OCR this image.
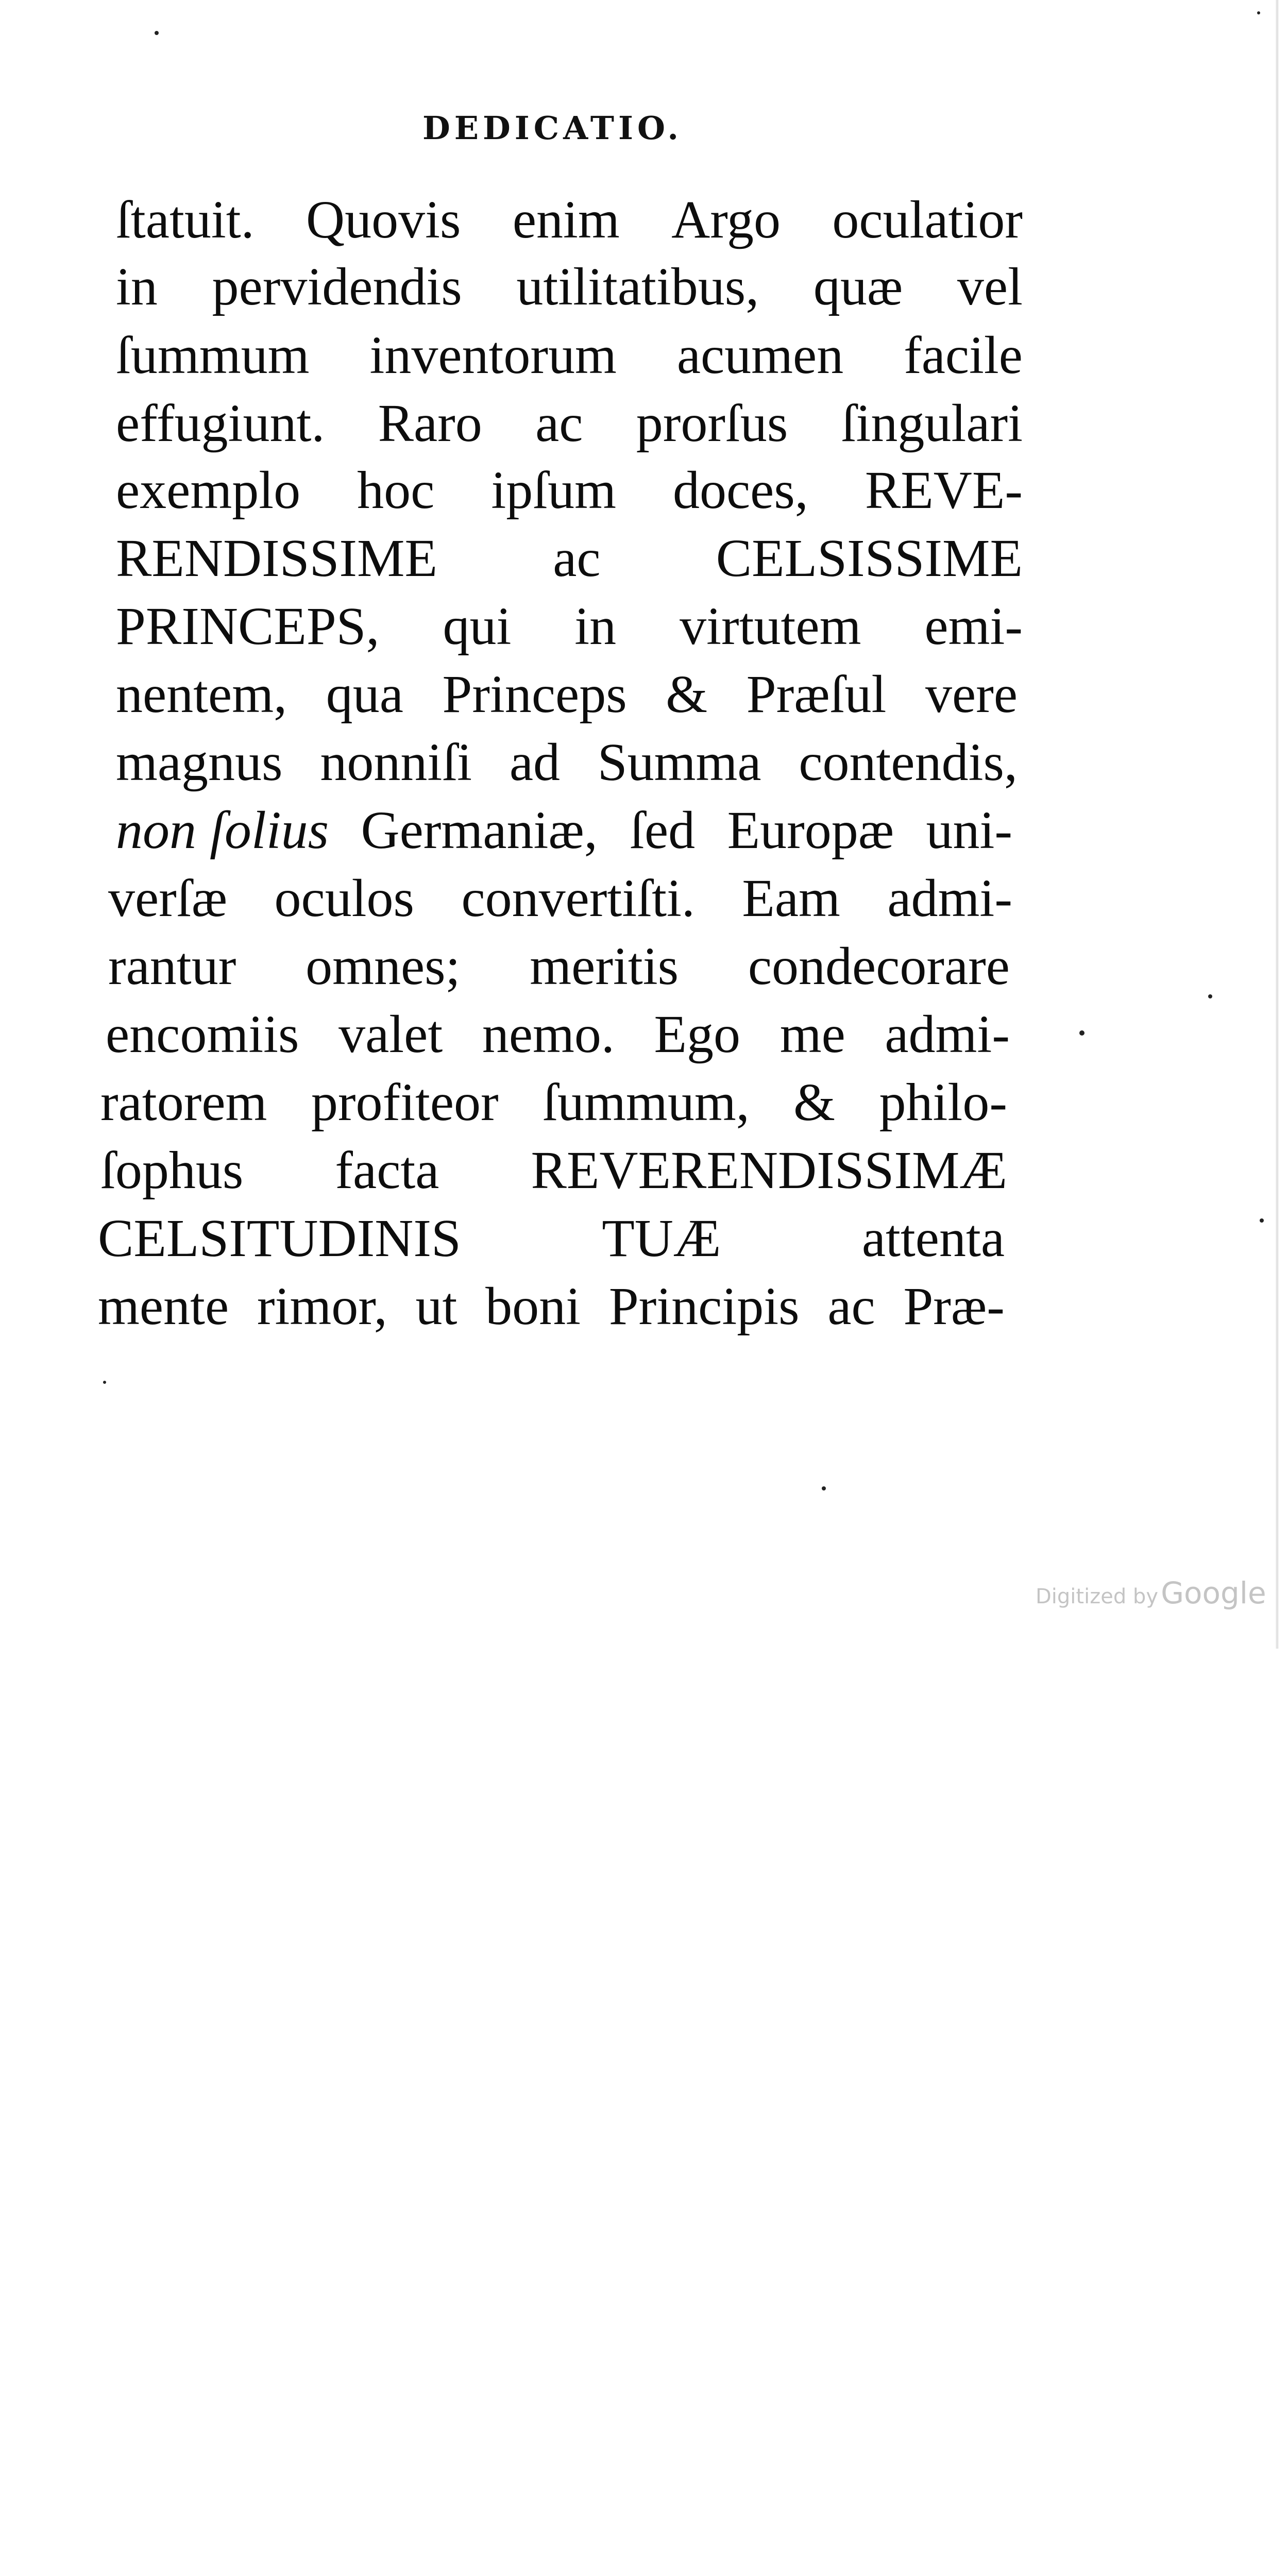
DEDICATIO.
ſtatuit. Quovis enim Argo oculatior
in pervidendis utilitatibus, quæ vel
ſummum inventorum acumen facile
effugiunt. Raro ac prorſus ſingulari
exemplo hoc ipſum doces, REVE-
RENDISSIME ac CELSISSIME
PRINCEPS, qui in virtutem emi-
nentem, qua Princeps & Præſul vere
magnus nonniſi ad Summa contendis,
non ſolius Germaniæ, ſed Europæ uni-
verſæ oculos convertiſti. Eam admi-
rantur omnes; meritis condecorare
encomiis valet nemo. Ego me admi-
ratorem profiteor ſummum, & philo-
ſophus facta REVERENDISSIMÆ
CELSITUDINIS	TUÆ	attenta
mente rimor, ut boni Principis ac Præ-
Digitized by Google
